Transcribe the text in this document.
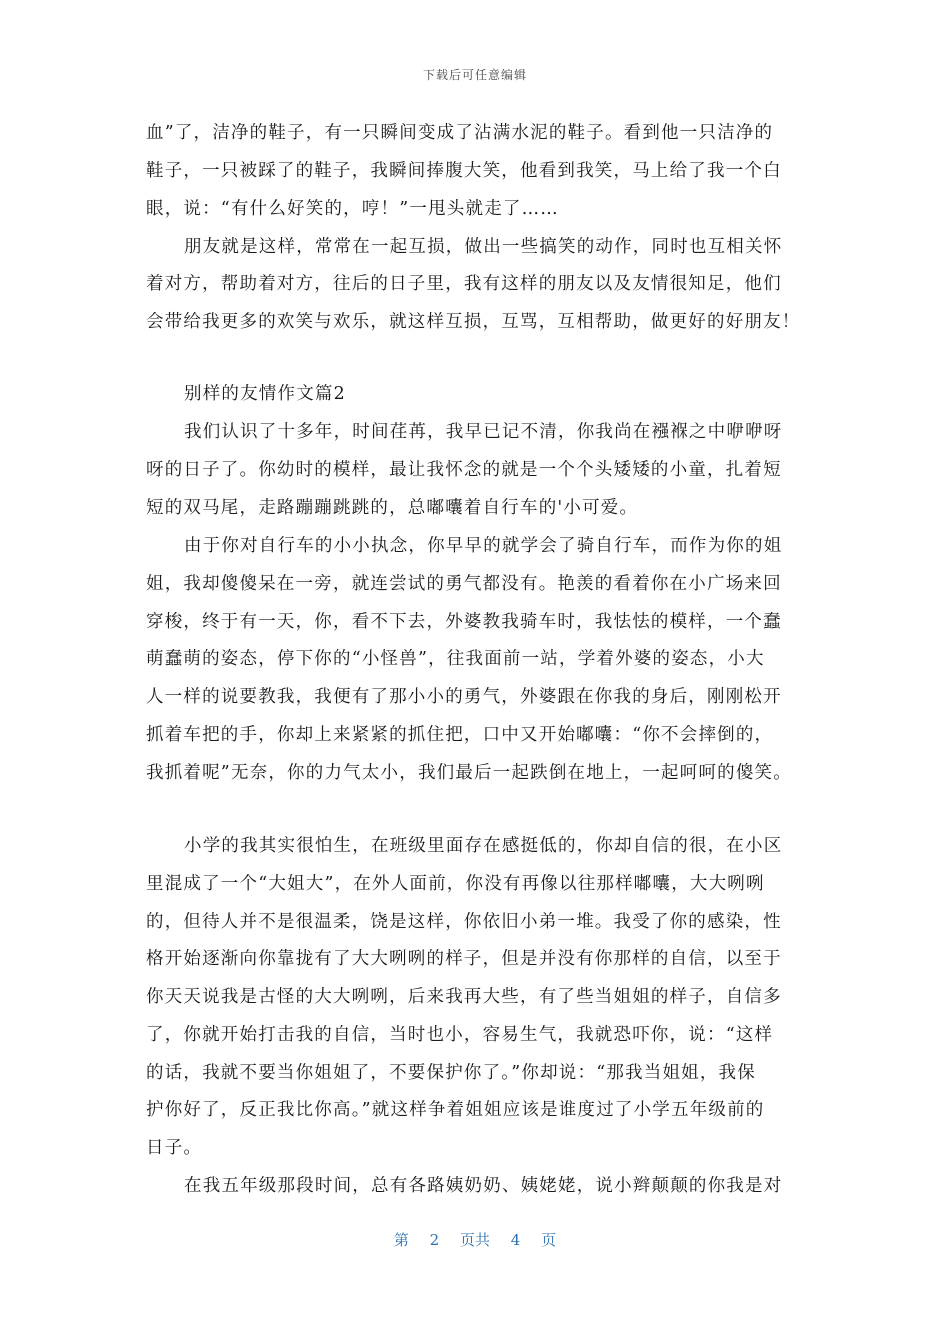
下载后可任意编辑
血”了，洁净的鞋子，有一只瞬间变成了沾满水泥的鞋子。看到他一只洁净的
鞋子，一只被踩了的鞋子，我瞬间捧腹大笑，他看到我笑，马上给了我一个白
眼，说：“有什么好笑的，哼！”一甩头就走了……
朋友就是这样，常常在一起互损，做出一些搞笑的动作，同时也互相关怀
着对方，帮助着对方，往后的日子里，我有这样的朋友以及友情很知足，他们
会带给我更多的欢笑与欢乐，就这样互损，互骂，互相帮助，做更好的好朋友！
别样的友情作文篇2
我们认识了十多年，时间荏苒，我早已记不清，你我尚在襁褓之中咿咿呀
呀的日子了。你幼时的模样，最让我怀念的就是一个个头矮矮的小童，扎着短
短的双马尾，走路蹦蹦跳跳的，总嘟囔着自行车的'小可爱。
由于你对自行车的小小执念，你早早的就学会了骑自行车，而作为你的姐
姐，我却傻傻呆在一旁，就连尝试的勇气都没有。艳羡的看着你在小广场来回
穿梭，终于有一天，你，看不下去，外婆教我骑车时，我怯怯的模样，一个蠢
萌蠢萌的姿态，停下你的“小怪兽”，往我面前一站，学着外婆的姿态，小大
人一样的说要教我，我便有了那小小的勇气，外婆跟在你我的身后，刚刚松开
抓着车把的手，你却上来紧紧的抓住把，口中又开始嘟囔：“你不会摔倒的，
我抓着呢”无奈，你的力气太小，我们最后一起跌倒在地上，一起呵呵的傻笑。
小学的我其实很怕生，在班级里面存在感挺低的，你却自信的很，在小区
里混成了一个“大姐大”，在外人面前，你没有再像以往那样嘟囔，大大咧咧
的，但待人并不是很温柔，饶是这样，你依旧小弟一堆。我受了你的感染，性
格开始逐渐向你靠拢有了大大咧咧的样子，但是并没有你那样的自信，以至于
你天天说我是古怪的大大咧咧，后来我再大些，有了些当姐姐的样子，自信多
了，你就开始打击我的自信，当时也小，容易生气，我就恐吓你，说：“这样
的话，我就不要当你姐姐了，不要保护你了。”你却说：“那我当姐姐，我保
护你好了，反正我比你高。”就这样争着姐姐应该是谁度过了小学五年级前的
日子。
在我五年级那段时间，总有各路姨奶奶、姨姥姥，说小辫颠颠的你我是对
第 2 页共 4 页
